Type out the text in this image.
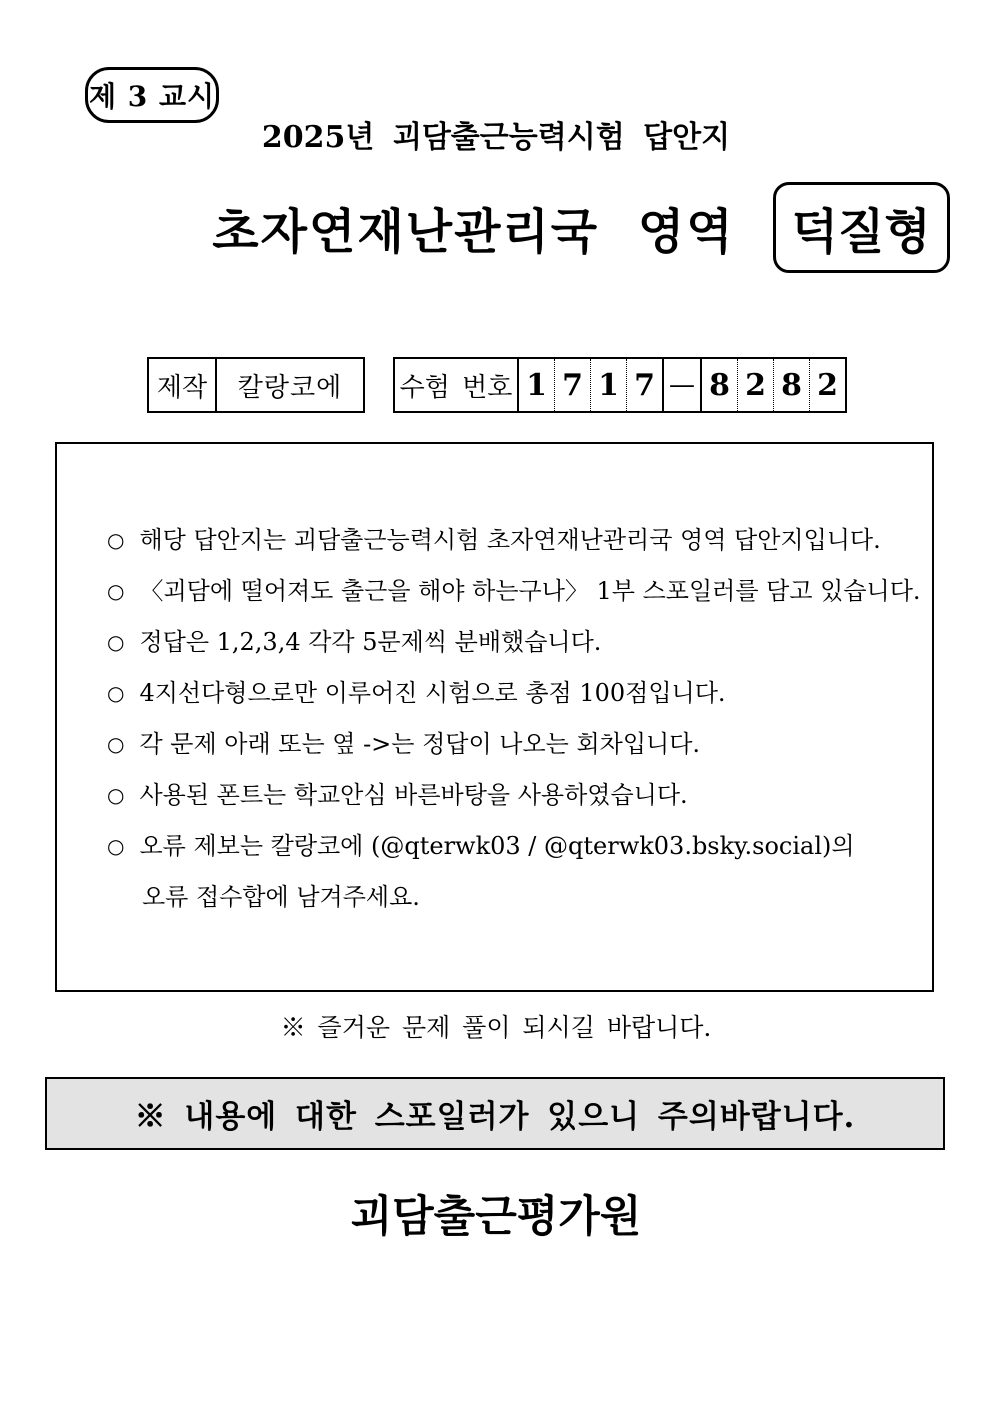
제 3 교시
2025년 괴담출근능력시험 답안지
초자연재난관리국 영역	덕질형
제작	칼랑코에	수험 번호 1 7 1 7 — 8 2 8 2
○ 해당 답안지는 괴담출근능력시험 초자연재난관리국 영역 답안지입니다.
○ 〈괴담에 떨어져도 출근을 해야 하는구나〉 1부 스포일러를 담고 있습니다.
○ 정답은 1,2,3,4 각각 5문제씩 분배했습니다.
○ 4지선다형으로만 이루어진 시험으로 총점 100점입니다.
○ 각 문제 아래 또는 옆 ->는 정답이 나오는 회차입니다.
○ 사용된 폰트는 학교안심 바른바탕을 사용하였습니다.
○ 오류 제보는 칼랑코에 (@qterwk03 / @qterwk03.bsky.social)의
오류 접수합에 남겨주세요.
※ 즐거운 문제 풀이 되시길 바랍니다.
※ 내용에 대한 스포일러가 있으니 주의바랍니다.
괴담출근평가원
